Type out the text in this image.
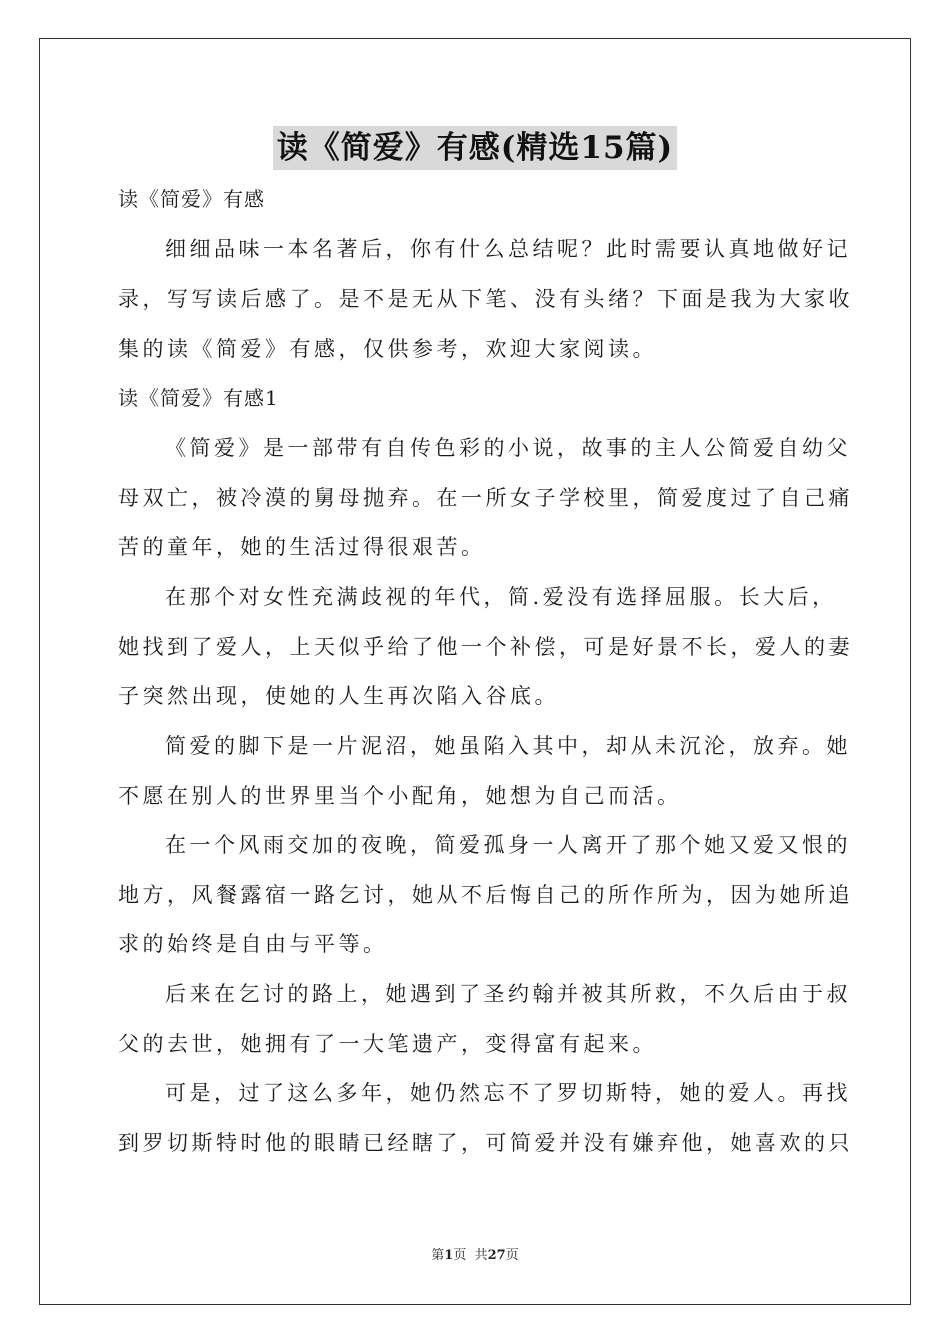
读《简爱》有感(精选15篇)
读《简爱》有感
细细品味一本名著后，你有什么总结呢？此时需要认真地做好记
录，写写读后感了。是不是无从下笔、没有头绪？下面是我为大家收
集的读《简爱》有感，仅供参考，欢迎大家阅读。
读《简爱》有感1
《简爱》是一部带有自传色彩的小说，故事的主人公简爱自幼父
母双亡，被冷漠的舅母抛弃。在一所女子学校里，简爱度过了自己痛
苦的童年，她的生活过得很艰苦。
在那个对女性充满歧视的年代，简.爱没有选择屈服。长大后，
她找到了爱人，上天似乎给了他一个补偿，可是好景不长，爱人的妻
子突然出现，使她的人生再次陷入谷底。
简爱的脚下是一片泥沼，她虽陷入其中，却从未沉沦，放弃。她
不愿在别人的世界里当个小配角，她想为自己而活。
在一个风雨交加的夜晚，简爱孤身一人离开了那个她又爱又恨的
地方，风餐露宿一路乞讨，她从不后悔自己的所作所为，因为她所追
求的始终是自由与平等。
后来在乞讨的路上，她遇到了圣约翰并被其所救，不久后由于叔
父的去世，她拥有了一大笔遗产，变得富有起来。
可是，过了这么多年，她仍然忘不了罗切斯特，她的爱人。再找
到罗切斯特时他的眼睛已经瞎了，可简爱并没有嫌弃他，她喜欢的只
第1页  共27页
